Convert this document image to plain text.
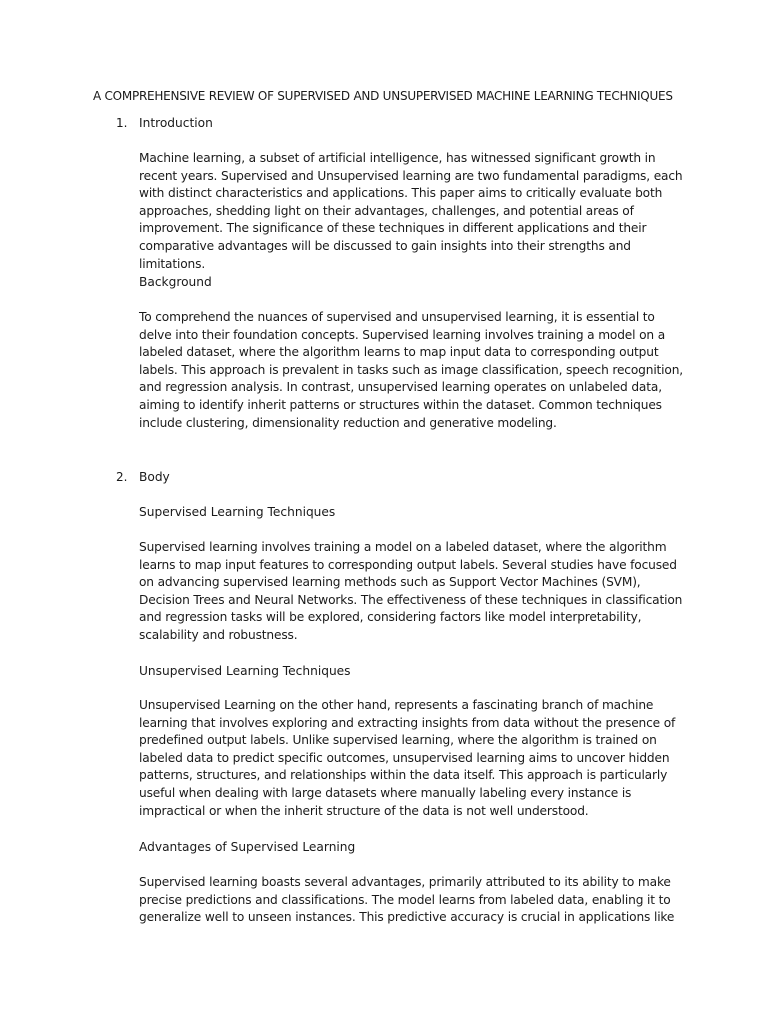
A COMPREHENSIVE REVIEW OF SUPERVISED AND UNSUPERVISED MACHINE LEARNING TECHNIQUES
1. Introduction
Machine learning, a subset of artificial intelligence, has witnessed significant growth in recent years. Supervised and Unsupervised learning are two fundamental paradigms, each with distinct characteristics and applications. This paper aims to critically evaluate both approaches, shedding light on their advantages, challenges, and potential areas of improvement. The significance of these techniques in different applications and their comparative advantages will be discussed to gain insights into their strengths and limitations.
Background
To comprehend the nuances of supervised and unsupervised learning, it is essential to delve into their foundation concepts. Supervised learning involves training a model on a labeled dataset, where the algorithm learns to map input data to corresponding output labels. This approach is prevalent in tasks such as image classification, speech recognition, and regression analysis. In contrast, unsupervised learning operates on unlabeled data, aiming to identify inherit patterns or structures within the dataset. Common techniques include clustering, dimensionality reduction and generative modeling.
2. Body
Supervised Learning Techniques
Supervised learning involves training a model on a labeled dataset, where the algorithm learns to map input features to corresponding output labels. Several studies have focused on advancing supervised learning methods such as Support Vector Machines (SVM), Decision Trees and Neural Networks. The effectiveness of these techniques in classification and regression tasks will be explored, considering factors like model interpretability, scalability and robustness.
Unsupervised Learning Techniques
Unsupervised Learning on the other hand, represents a fascinating branch of machine learning that involves exploring and extracting insights from data without the presence of predefined output labels. Unlike supervised learning, where the algorithm is trained on labeled data to predict specific outcomes, unsupervised learning aims to uncover hidden patterns, structures, and relationships within the data itself. This approach is particularly useful when dealing with large datasets where manually labeling every instance is impractical or when the inherit structure of the data is not well understood.
Advantages of Supervised Learning
Supervised learning boasts several advantages, primarily attributed to its ability to make precise predictions and classifications. The model learns from labeled data, enabling it to generalize well to unseen instances. This predictive accuracy is crucial in applications like
